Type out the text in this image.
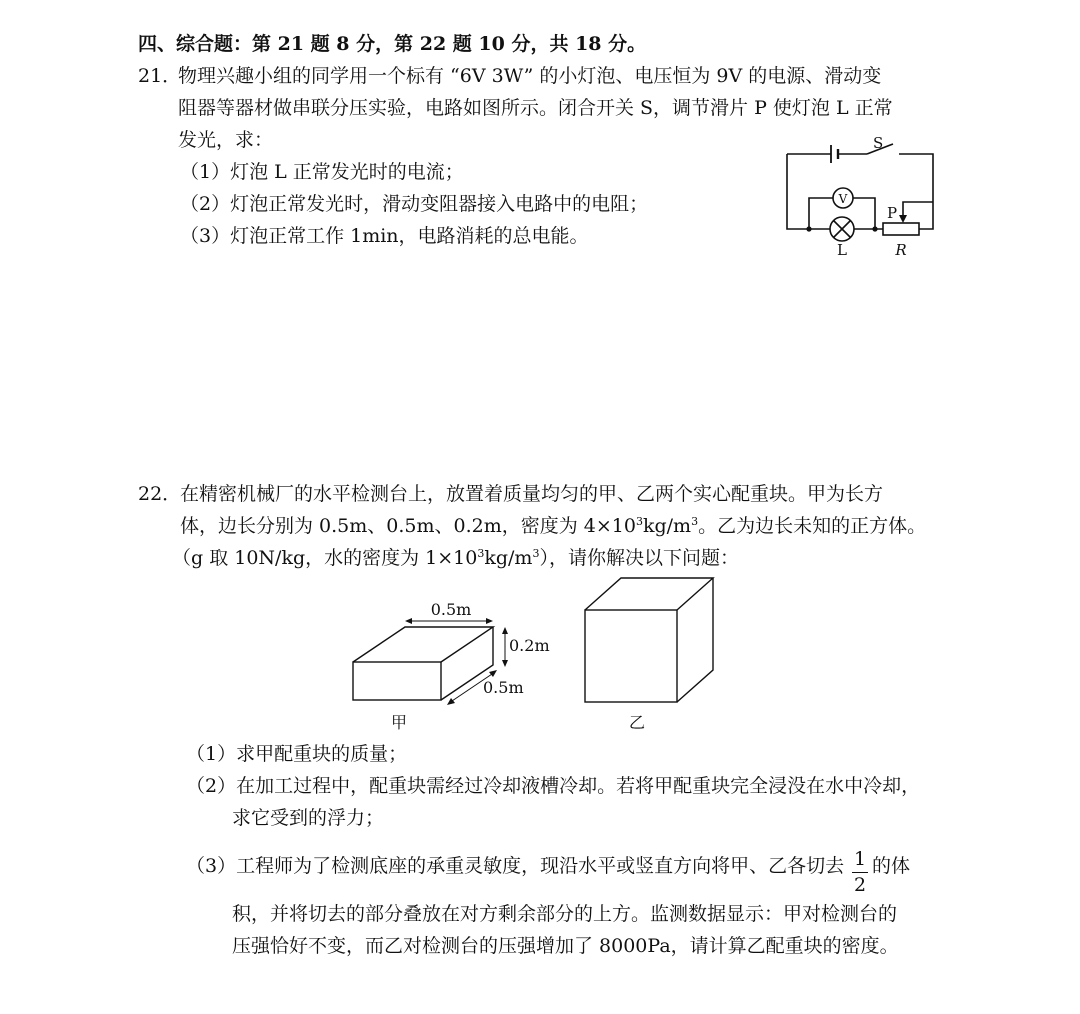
四、综合题：第 21 题 8 分，第 22 题 10 分，共 18 分。
21．
物理兴趣小组的同学用一个标有 “6V 3W” 的小灯泡、电压恒为 9V 的电源、滑动变
阻器等器材做串联分压实验，电路如图所示。闭合开关 S，调节滑片 P 使灯泡 L 正常
发光，求：
（1）灯泡 L 正常发光时的电流；
（2）灯泡正常发光时，滑动变阻器接入电路中的电阻；
（3）灯泡正常工作 1min，电路消耗的总电能。
S
V
L
P
R
22．
在精密机械厂的水平检测台上，放置着质量均匀的甲、乙两个实心配重块。甲为长方
体，边长分别为 0.5m、0.5m、0.2m，密度为 $4\times 10^3kg/m^3$。乙为边长未知的正方体。
（g 取 10N/kg，水的密度为 $1\times 10^3kg/m^3$），请你解决以下问题：
0.5m
0.2m
0.5m
甲	乙
（1）求甲配重块的质量；
（2）在加工过程中，配重块需经过冷却液槽冷却。若将甲配重块完全浸没在水中冷却，
求它受到的浮力；
（3）工程师为了检测底座的承重灵敏度，现沿水平或竖直方向将甲、乙各切去 1
2
的体
积，并将切去的部分叠放在对方剩余部分的上方。监测数据显示：甲对检测台的
压强恰好不变，而乙对检测台的压强增加了 8000Pa，请计算乙配重块的密度。
